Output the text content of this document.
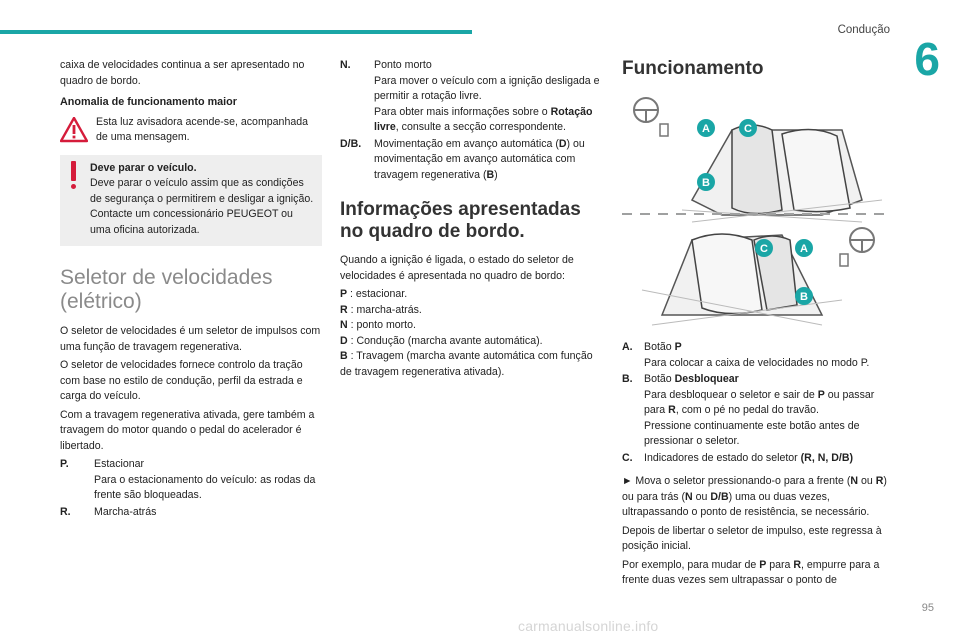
Condução
6

caixa de velocidades continua a ser apresentado no quadro de bordo.

Anomalia de funcionamento maior
Esta luz avisadora acende-se, acompanhada de uma mensagem.
Deve parar o veículo.
Deve parar o veículo assim que as condições de segurança o permitirem e desligar a ignição. Contacte um concessionário PEUGEOT ou uma oficina autorizada.
Seletor de velocidades (elétrico)

O seletor de velocidades é um seletor de impulsos com uma função de travagem regenerativa.

O seletor de velocidades fornece controlo da tração com base no estilo de condução, perfil da estrada e carga do veículo.

Com a travagem regenerativa ativada, gere também a travagem do motor quando o pedal do acelerador é libertado.

P.	Estacionar
Para o estacionamento do veículo: as rodas da frente são bloqueadas.
R.	Marcha-atrás
N.	Ponto morto
Para mover o veículo com a ignição desligada e permitir a rotação livre.
Para obter mais informações sobre o Rotação livre, consulte a secção correspondente.
D/B.	Movimentação em avanço automática (D) ou movimentação em avanço automática com travagem regenerativa (B)
Informações apresentadas no quadro de bordo.

Quando a ignição é ligada, o estado do seletor de velocidades é apresentada no quadro de bordo:

P : estacionar.
R : marcha-atrás.
N : ponto morto.
D : Condução (marcha avante automática).
B : Travagem (marcha avante automática com função de travagem regenerativa ativada).
Funcionamento
A	C
B
C	A
B
A.	Botão P
Para colocar a caixa de velocidades no modo P.
B.	Botão Desbloquear
Para desbloquear o seletor e sair de P ou passar para R, com o pé no pedal do travão.
Pressione continuamente este botão antes de pressionar o seletor.
C.	Indicadores de estado do seletor (R, N, D/B)

► Mova o seletor pressionando-o para a frente (N ou R) ou para trás (N ou D/B) uma ou duas vezes, ultrapassando o ponto de resistência, se necessário.

Depois de libertar o seletor de impulso, este regressa à posição inicial.

Por exemplo, para mudar de P para R, empurre para a frente duas vezes sem ultrapassar o ponto de

95
carmanualsonline.info
